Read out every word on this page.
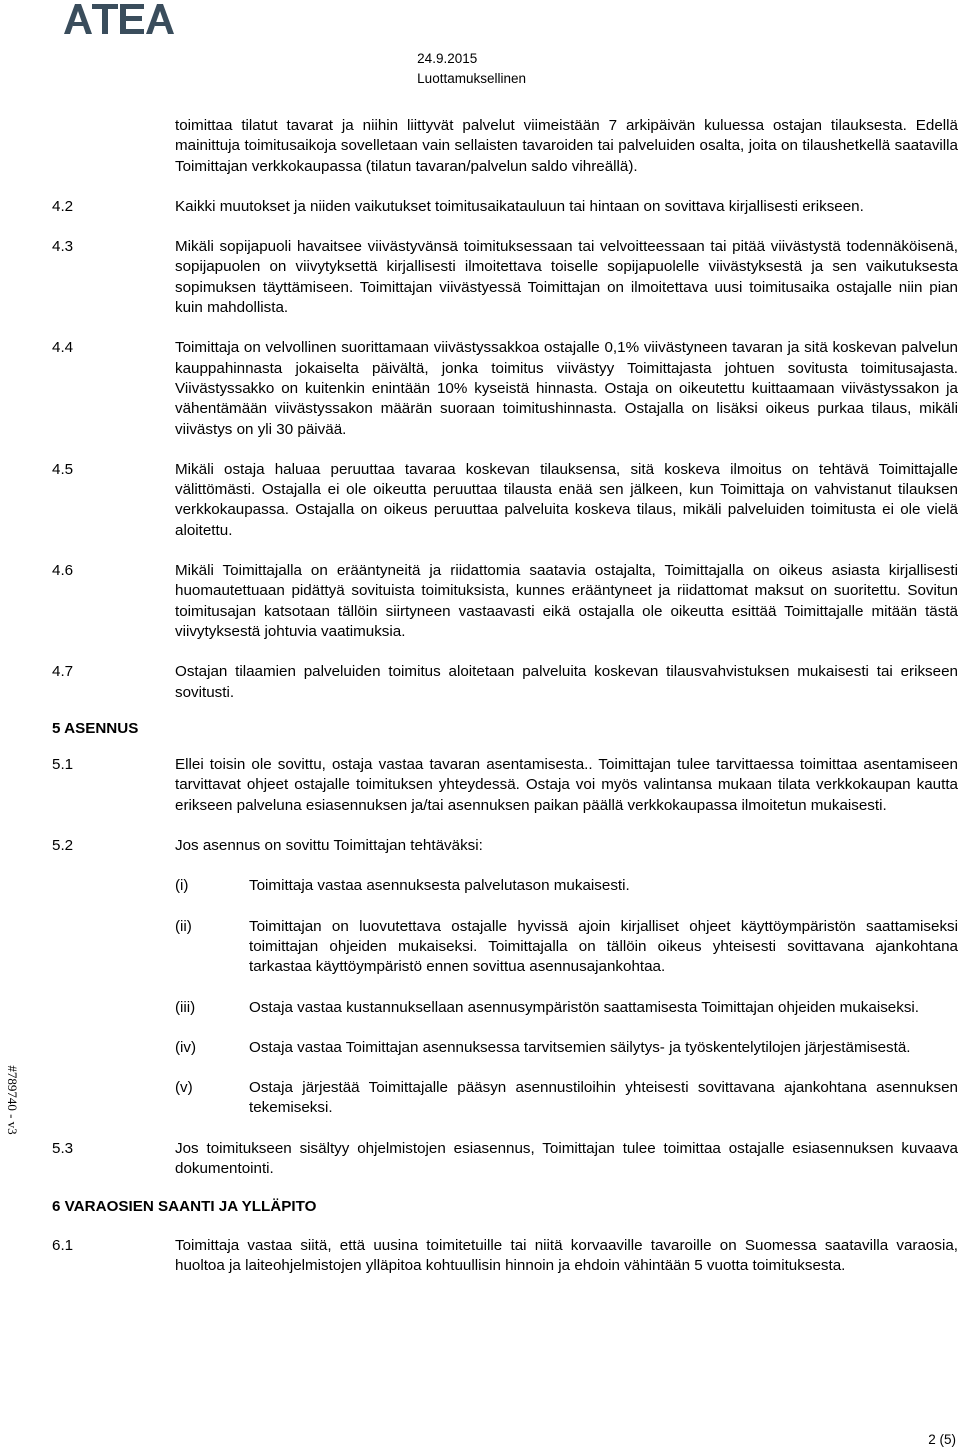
24.9.2015
Luottamuksellinen

toimittaa tilatut tavarat ja niihin liittyvät palvelut viimeistään 7 arkipäivän kuluessa ostajan tilauksesta. Edellä mainittuja toimitusaikoja sovelletaan vain sellaisten tavaroiden tai palveluiden osalta, joita on tilaushetkellä saatavilla Toimittajan verkkokaupassa (tilatun tavaran/palvelun saldo vihreällä).

4.2	Kaikki muutokset ja niiden vaikutukset toimitusaikatauluun tai hintaan on sovittava kirjallisesti erikseen.

4.3	Mikäli sopijapuoli havaitsee viivästyvänsä toimituksessaan tai velvoitteessaan tai pitää viivästystä todennäköisenä, sopijapuolen on viivytyksettä kirjallisesti ilmoitettava toiselle sopijapuolelle viivästyksestä ja sen vaikutuksesta sopimuksen täyttämiseen. Toimittajan viivästyessä Toimittajan on ilmoitettava uusi toimitusaika ostajalle niin pian kuin mahdollista.

4.4	Toimittaja on velvollinen suorittamaan viivästyssakkoa ostajalle 0,1% viivästyneen tavaran ja sitä koskevan palvelun kauppahinnasta jokaiselta päivältä, jonka toimitus viivästyy Toimittajasta johtuen sovitusta toimitusajasta. Viivästyssakko on kuitenkin enintään 10% kyseistä hinnasta. Ostaja on oikeutettu kuittaamaan viivästyssakon ja vähentämään viivästyssakon määrän suoraan toimitushinnasta. Ostajalla on lisäksi oikeus purkaa tilaus, mikäli viivästys on yli 30 päivää.

4.5	Mikäli ostaja haluaa peruuttaa tavaraa koskevan tilauksensa, sitä koskeva ilmoitus on tehtävä Toimittajalle välittömästi. Ostajalla ei ole oikeutta peruuttaa tilausta enää sen jälkeen, kun Toimittaja on vahvistanut tilauksen verkkokaupassa. Ostajalla on oikeus peruuttaa palveluita koskeva tilaus, mikäli palveluiden toimitusta ei ole vielä aloitettu.

4.6	Mikäli Toimittajalla on erääntyneitä ja riidattomia saatavia ostajalta, Toimittajalla on oikeus asiasta kirjallisesti huomautettuaan pidättyä sovituista toimituksista, kunnes erääntyneet ja riidattomat maksut on suoritettu. Sovitun toimitusajan katsotaan tällöin siirtyneen vastaavasti eikä ostajalla ole oikeutta esittää Toimittajalle mitään tästä viivytyksestä johtuvia vaatimuksia.

4.7	Ostajan tilaamien palveluiden toimitus aloitetaan palveluita koskevan tilausvahvistuksen mukaisesti tai erikseen sovitusti.

5 ASENNUS

5.1	Ellei toisin ole sovittu, ostaja vastaa tavaran asentamisesta.. Toimittajan tulee tarvittaessa toimittaa asentamiseen tarvittavat ohjeet ostajalle toimituksen yhteydessä. Ostaja voi myös valintansa mukaan tilata verkkokaupan kautta erikseen palveluna esiasennuksen ja/tai asennuksen paikan päällä verkkokaupassa ilmoitetun mukaisesti.

5.2	Jos asennus on sovittu Toimittajan tehtäväksi:

(i)	Toimittaja vastaa asennuksesta palvelutason mukaisesti.

(ii)	Toimittajan on luovutettava ostajalle hyvissä ajoin kirjalliset ohjeet käyttöympäristön saattamiseksi toimittajan ohjeiden mukaiseksi. Toimittajalla on tällöin oikeus yhteisesti sovittavana ajankohtana tarkastaa käyttöympäristö ennen sovittua asennusajankohtaa.

(iii)	Ostaja vastaa kustannuksellaan asennusympäristön saattamisesta Toimittajan ohjeiden mukaiseksi.

(iv)	Ostaja vastaa Toimittajan asennuksessa tarvitsemien säilytys- ja työskentelytilojen järjestämisestä.

(v)	Ostaja järjestää Toimittajalle pääsyn asennustiloihin yhteisesti sovittavana ajankohtana asennuksen tekemiseksi.

5.3	Jos toimitukseen sisältyy ohjelmistojen esiasennus, Toimittajan tulee toimittaa ostajalle esiasennuksen kuvaava dokumentointi.

6 VARAOSIEN SAANTI JA YLLÄPITO

6.1	Toimittaja vastaa siitä, että uusina toimitetuille tai niitä korvaaville tavaroille on Suomessa saatavilla varaosia, huoltoa ja laiteohjelmistojen ylläpitoa kohtuullisin hinnoin ja ehdoin vähintään 5 vuotta toimituksesta.

#789740 - v3
2 (5)
